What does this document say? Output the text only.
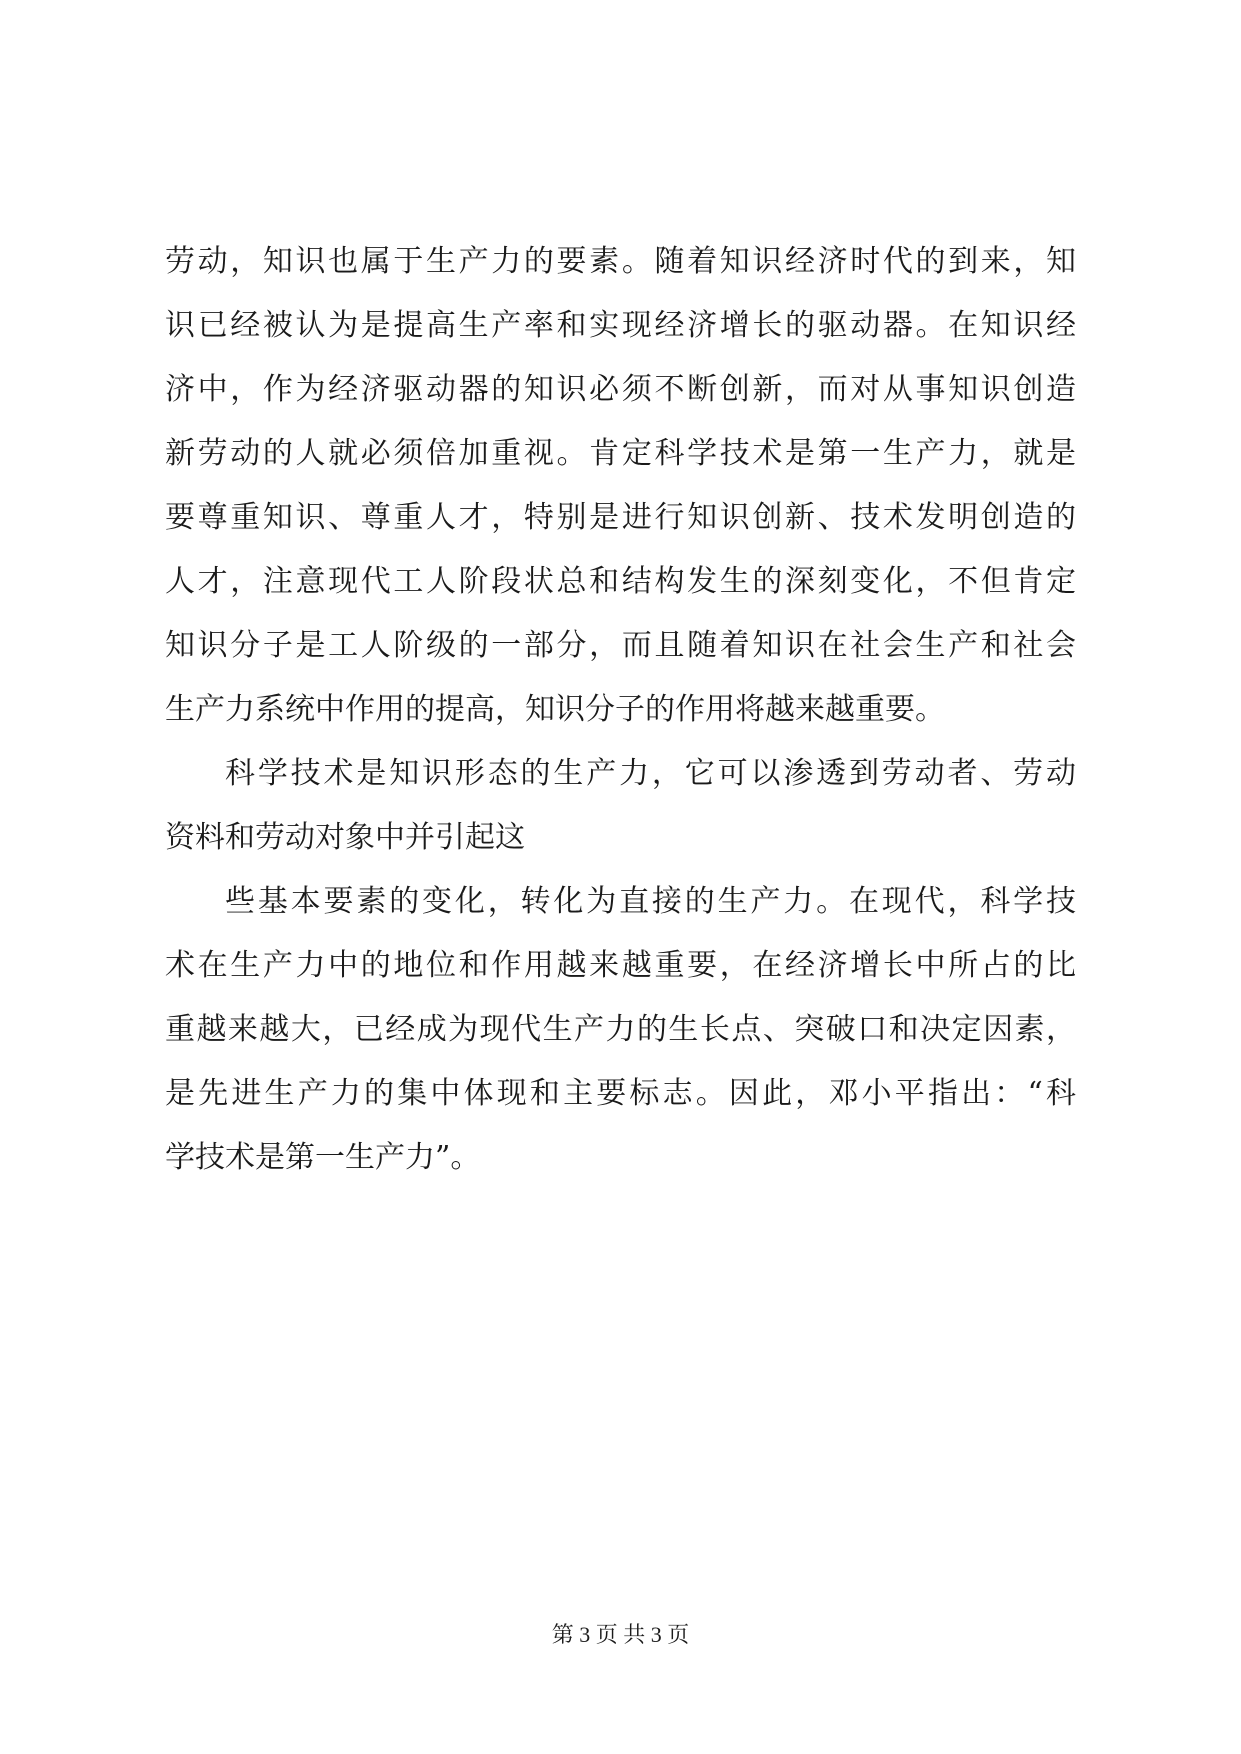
劳动，知识也属于生产力的要素。随着知识经济时代的到来，知
识已经被认为是提高生产率和实现经济增长的驱动器。在知识经
济中，作为经济驱动器的知识必须不断创新，而对从事知识创造
新劳动的人就必须倍加重视。肯定科学技术是第一生产力，就是
要尊重知识、尊重人才，特别是进行知识创新、技术发明创造的
人才，注意现代工人阶段状总和结构发生的深刻变化，不但肯定
知识分子是工人阶级的一部分，而且随着知识在社会生产和社会
生产力系统中作用的提高，知识分子的作用将越来越重要。
科学技术是知识形态的生产力，它可以渗透到劳动者、劳动
资料和劳动对象中并引起这
些基本要素的变化，转化为直接的生产力。在现代，科学技
术在生产力中的地位和作用越来越重要，在经济增长中所占的比
重越来越大，已经成为现代生产力的生长点、突破口和决定因素，
是先进生产力的集中体现和主要标志。因此，邓小平指出：“科
学技术是第一生产力”。
第 3 页 共 3 页
